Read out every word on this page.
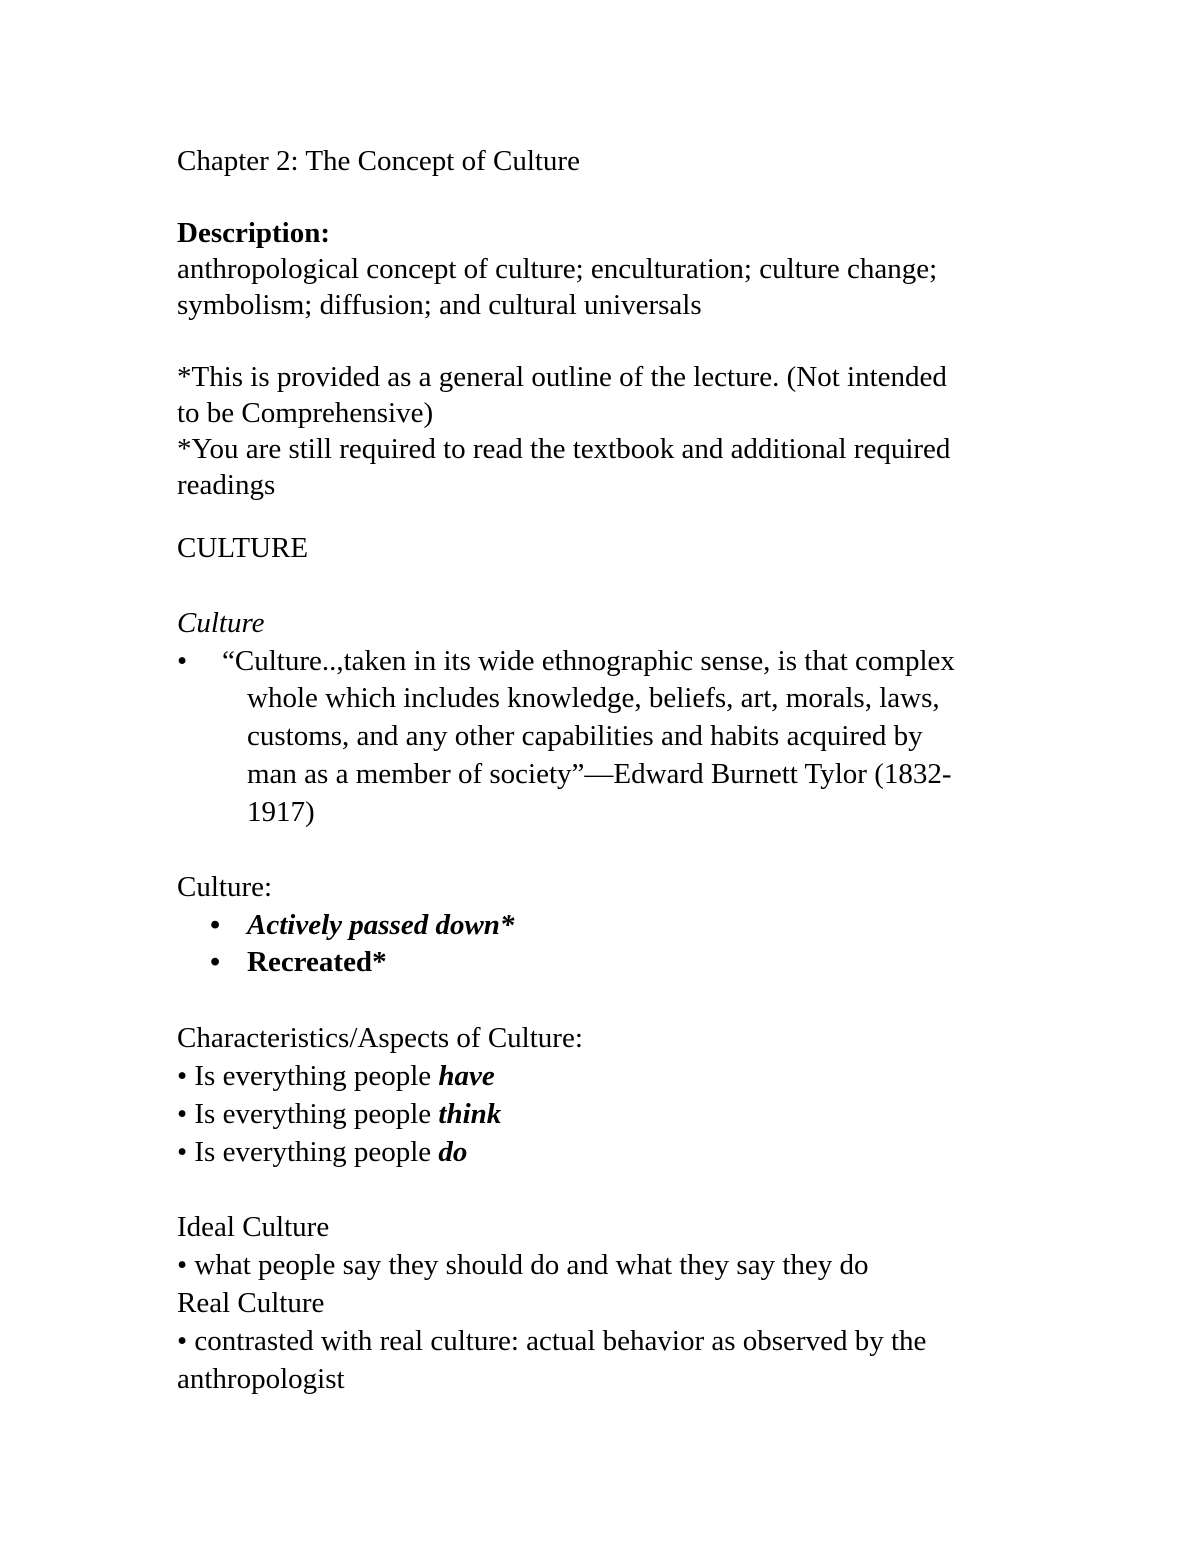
Chapter 2: The Concept of Culture
Description:
anthropological concept of culture; enculturation; culture change;
symbolism; diffusion; and cultural universals
*This is provided as a general outline of the lecture. (Not intended
to be Comprehensive)
*You are still required to read the textbook and additional required
readings
CULTURE
Culture
• “Culture..,taken in its wide ethnographic sense, is that complex
whole which includes knowledge, beliefs, art, morals, laws,
customs, and any other capabilities and habits acquired by
man as a member of society”—Edward Burnett Tylor (1832-
1917)
Culture:
• Actively passed down*
• Recreated*
Characteristics/Aspects of Culture:
• Is everything people have
• Is everything people think
• Is everything people do
Ideal Culture
• what people say they should do and what they say they do
Real Culture
• contrasted with real culture: actual behavior as observed by the
anthropologist
